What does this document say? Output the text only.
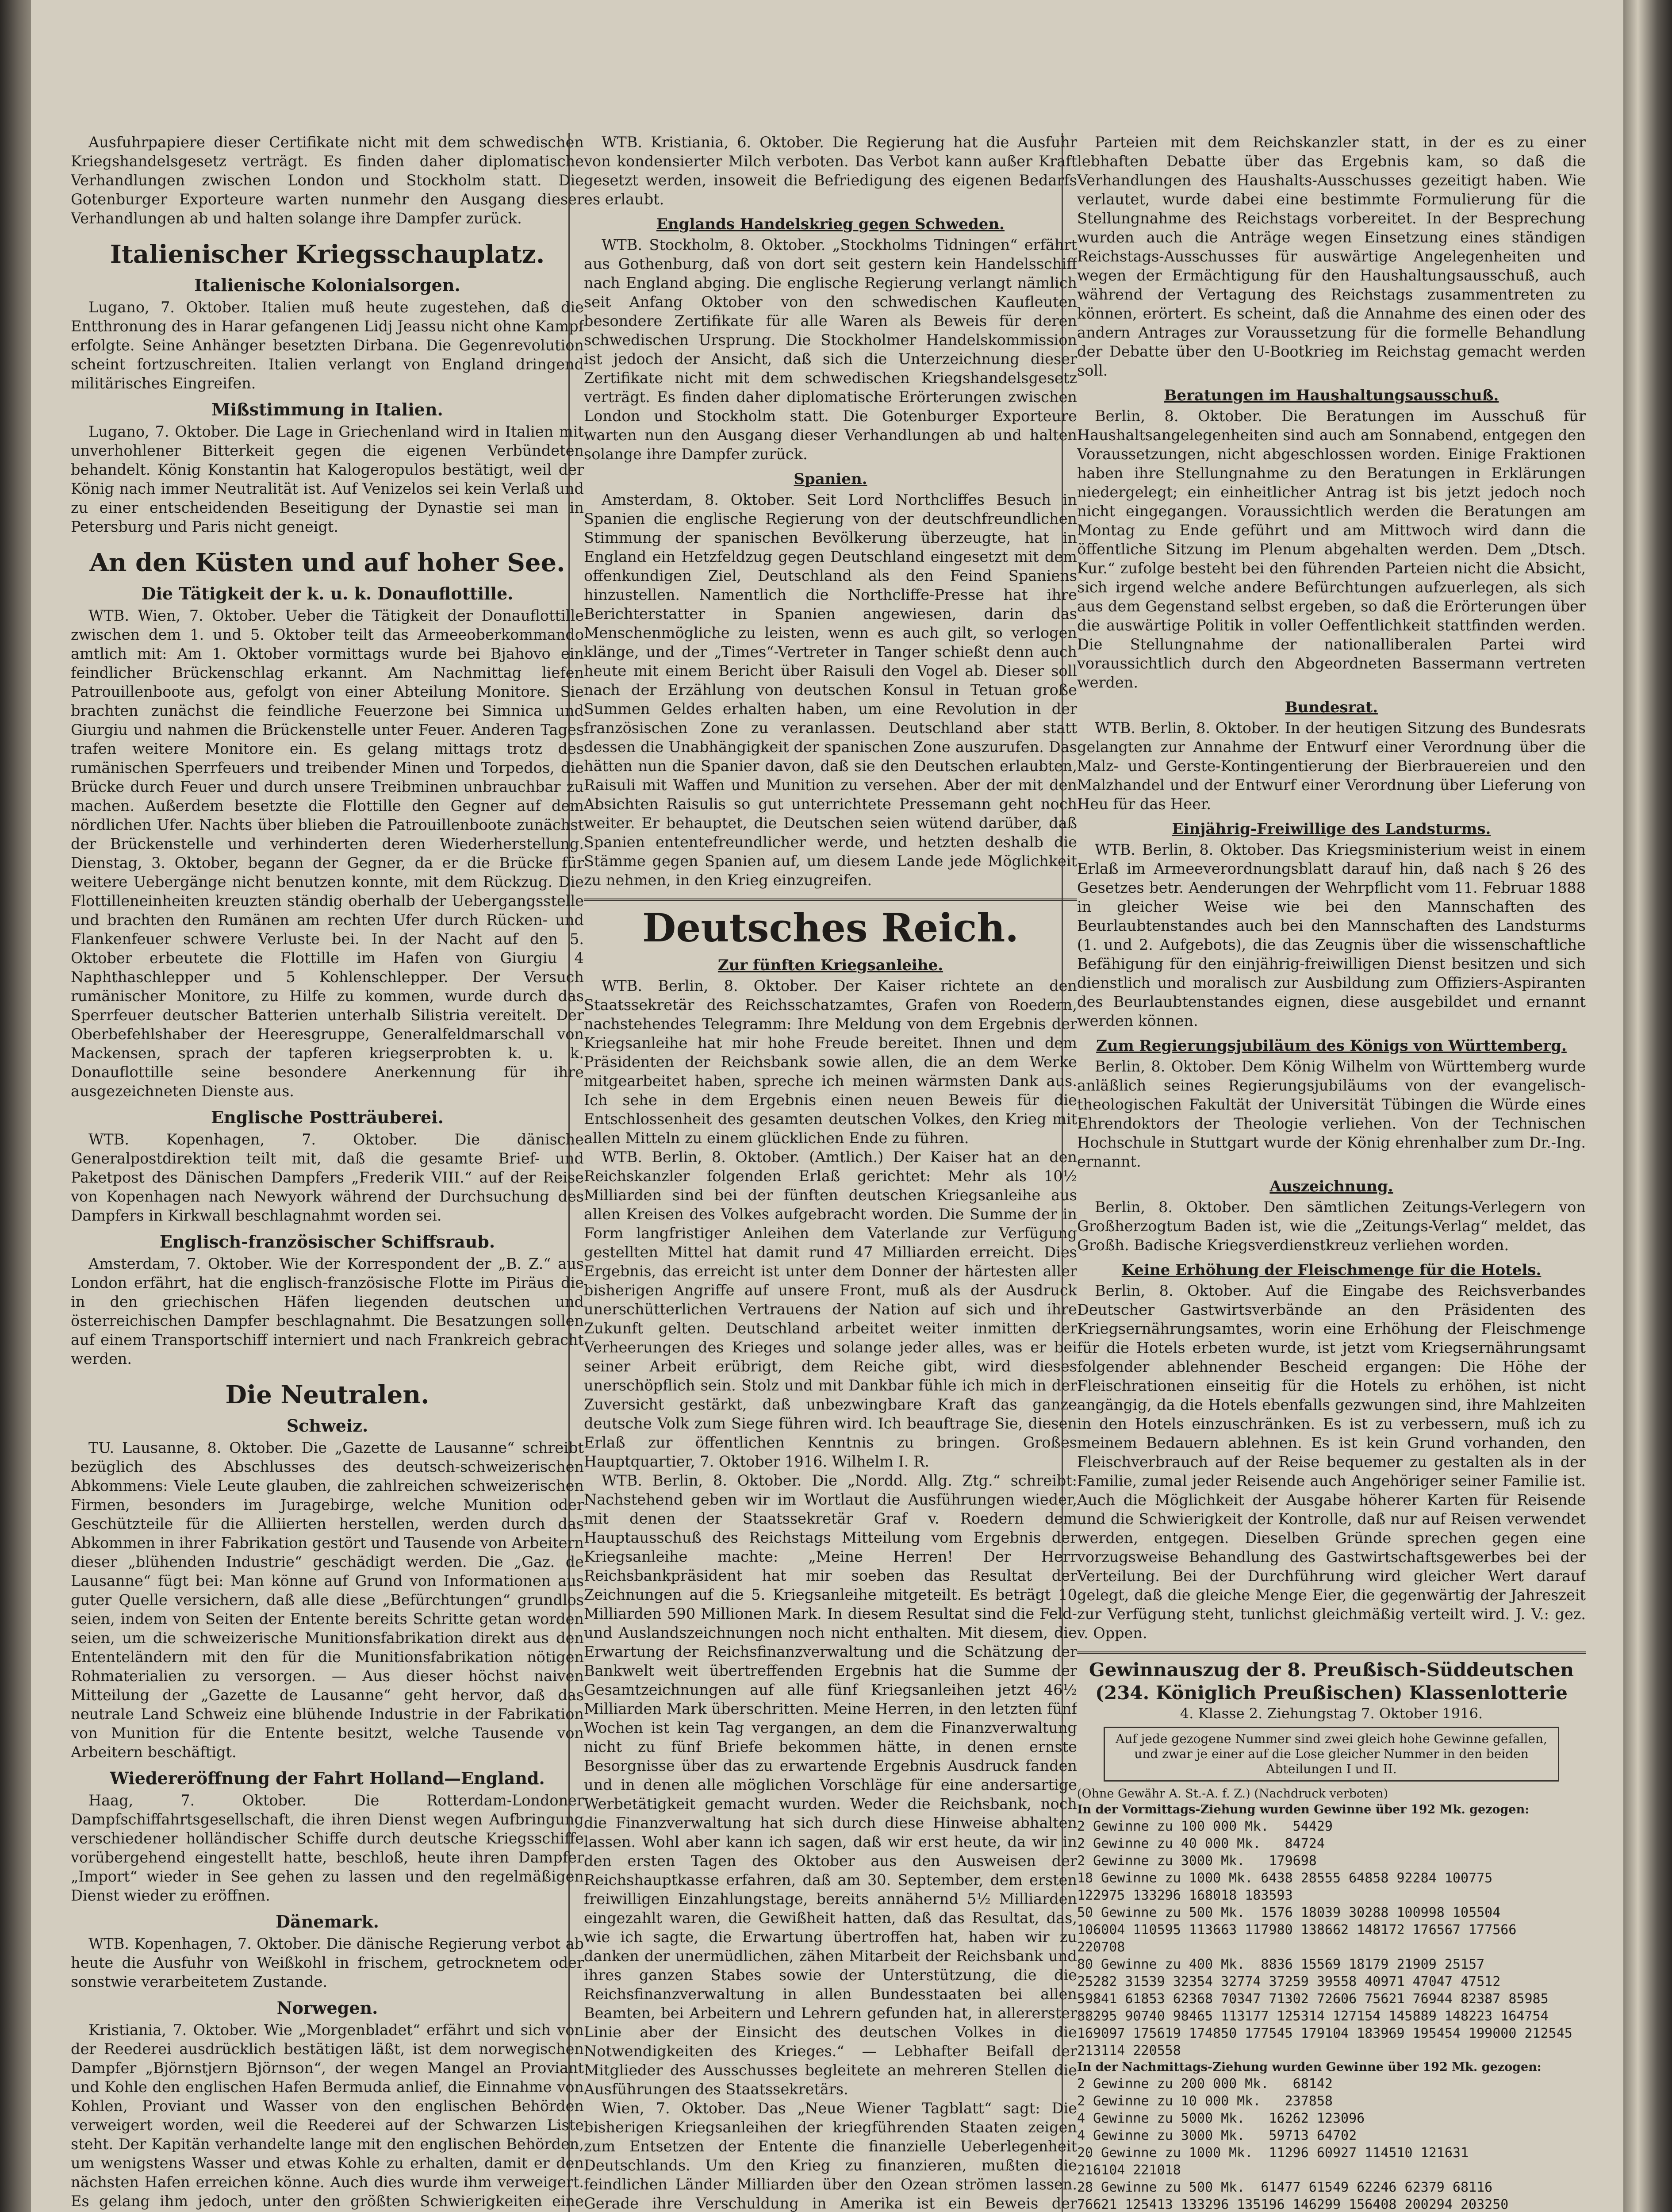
Ausfuhrpapiere dieser Certifikate nicht mit dem schwedischen Kriegshandelsgesetz verträgt. Es finden daher diplomatische Verhandlungen zwischen London und Stockholm statt. Die Gotenburger Exporteure warten nunmehr den Ausgang dieser Verhandlungen ab und halten solange ihre Dampfer zurück.

Italienischer Kriegsschauplatz.
Italienische Kolonialsorgen.

Lugano, 7. Oktober. Italien muß heute zugestehen, daß die Entthronung des in Harar gefangenen Lidj Jeassu nicht ohne Kampf erfolgte. Seine Anhänger besetzten Dirbana. Die Gegenrevolution scheint fortzuschreiten. Italien verlangt von England dringend militärisches Eingreifen.

Mißstimmung in Italien.

Lugano, 7. Oktober. Die Lage in Griechenland wird in Italien mit unverhohlener Bitterkeit gegen die eigenen Verbündeten behandelt. König Konstantin hat Kalogeropulos bestätigt, weil der König nach immer Neutralität ist. Auf Venizelos sei kein Verlaß und zu einer entscheidenden Beseitigung der Dynastie sei man in Petersburg und Paris nicht geneigt.

An den Küsten und auf hoher See.
Die Tätigkeit der k. u. k. Donauflottille.

WTB. Wien, 7. Oktober. Ueber die Tätigkeit der Donauflottille zwischen dem 1. und 5. Oktober teilt das Armeeoberkommando amtlich mit: Am 1. Oktober vormittags wurde bei Bjahovo ein feindlicher Brückenschlag erkannt. Am Nachmittag liefen Patrouillenboote aus, gefolgt von einer Abteilung Monitore. Sie brachten zunächst die feindliche Feuerzone bei Simnica und Giurgiu und nahmen die Brückenstelle unter Feuer. Anderen Tages trafen weitere Monitore ein. Es gelang mittags trotz des rumänischen Sperrfeuers und treibender Minen und Torpedos, die Brücke durch Feuer und durch unsere Treibminen unbrauchbar zu machen. Außerdem besetzte die Flottille den Gegner auf dem nördlichen Ufer. Nachts über blieben die Patrouillenboote zunächst der Brückenstelle und verhinderten deren Wiederherstellung. Dienstag, 3. Oktober, begann der Gegner, da er die Brücke für weitere Uebergänge nicht benutzen konnte, mit dem Rückzug. Die Flottilleneinheiten kreuzten ständig oberhalb der Uebergangsstelle und brachten den Rumänen am rechten Ufer durch Rücken- und Flankenfeuer schwere Verluste bei. In der Nacht auf den 5. Oktober erbeutete die Flottille im Hafen von Giurgiu 4 Naphthaschlepper und 5 Kohlenschlepper. Der Versuch rumänischer Monitore, zu Hilfe zu kommen, wurde durch das Sperrfeuer deutscher Batterien unterhalb Silistria vereitelt. Der Oberbefehlshaber der Heeresgruppe, Generalfeldmarschall von Mackensen, sprach der tapferen kriegserprobten k. u. k. Donauflottille seine besondere Anerkennung für ihre ausgezeichneten Dienste aus.

Englische Postträuberei.

WTB. Kopenhagen, 7. Oktober. Die dänische Generalpostdirektion teilt mit, daß die gesamte Brief- und Paketpost des Dänischen Dampfers „Frederik VIII.“ auf der Reise von Kopenhagen nach Newyork während der Durchsuchung des Dampfers in Kirkwall beschlagnahmt worden sei.

Englisch-französischer Schiffsraub.

Amsterdam, 7. Oktober. Wie der Korrespondent der „B. Z.“ aus London erfährt, hat die englisch-französische Flotte im Piräus die in den griechischen Häfen liegenden deutschen und österreichischen Dampfer beschlagnahmt. Die Besatzungen sollen auf einem Transportschiff interniert und nach Frankreich gebracht werden.

Die Neutralen.
Schweiz.

TU. Lausanne, 8. Oktober. Die „Gazette de Lausanne“ schreibt bezüglich des Abschlusses des deutsch-schweizerischen Abkommens: Viele Leute glauben, die zahlreichen schweizerischen Firmen, besonders im Juragebirge, welche Munition oder Geschützteile für die Alliierten herstellen, werden durch das Abkommen in ihrer Fabrikation gestört und Tausende von Arbeitern dieser „blühenden Industrie“ geschädigt werden. Die „Gaz. de Lausanne“ fügt bei: Man könne auf Grund von Informationen aus guter Quelle versichern, daß alle diese „Befürchtungen“ grundlos seien, indem von Seiten der Entente bereits Schritte getan worden seien, um die schweizerische Munitionsfabrikation direkt aus den Ententeländern mit den für die Munitionsfabrikation nötigen Rohmaterialien zu versorgen. — Aus dieser höchst naiven Mitteilung der „Gazette de Lausanne“ geht hervor, daß das neutrale Land Schweiz eine blühende Industrie in der Fabrikation von Munition für die Entente besitzt, welche Tausende von Arbeitern beschäftigt.

Wiedereröffnung der Fahrt Holland—England.

Haag, 7. Oktober. Die Rotterdam-Londoner Dampfschiffahrtsgesellschaft, die ihren Dienst wegen Aufbringung verschiedener holländischer Schiffe durch deutsche Kriegsschiffe vorübergehend eingestellt hatte, beschloß, heute ihren Dampfer „Import“ wieder in See gehen zu lassen und den regelmäßigen Dienst wieder zu eröffnen.

Dänemark.

WTB. Kopenhagen, 7. Oktober. Die dänische Regierung verbot ab heute die Ausfuhr von Weißkohl in frischem, getrocknetem oder sonstwie verarbeitetem Zustande.

Norwegen.

Kristiania, 7. Oktober. Wie „Morgenbladet“ erfährt und sich von der Reederei ausdrücklich bestätigen läßt, ist dem norwegischen Dampfer „Björnstjern Björnson“, der wegen Mangel an Proviant und Kohle den englischen Hafen Bermuda anlief, die Einnahme von Kohlen, Proviant und Wasser von den englischen Behörden verweigert worden, weil die Reederei auf der Schwarzen Liste steht. Der Kapitän verhandelte lange mit den englischen Behörden, um wenigstens Wasser und etwas Kohle zu erhalten, damit er den nächsten Hafen erreichen könne. Auch dies wurde ihm verweigert. Es gelang ihm jedoch, unter den größten Schwierigkeiten eine

WTB. Kristiania, 6. Oktober. Die Regierung hat die Ausfuhr von kondensierter Milch verboten. Das Verbot kann außer Kraft gesetzt werden, insoweit die Befriedigung des eigenen Bedarfs es erlaubt.

Englands Handelskrieg gegen Schweden.

WTB. Stockholm, 8. Oktober. „Stockholms Tidningen“ erfährt aus Gothenburg, daß von dort seit gestern kein Handelsschiff nach England abging. Die englische Regierung verlangt nämlich seit Anfang Oktober von den schwedischen Kaufleuten besondere Zertifikate für alle Waren als Beweis für deren schwedischen Ursprung. Die Stockholmer Handelskommission ist jedoch der Ansicht, daß sich die Unterzeichnung dieser Zertifikate nicht mit dem schwedischen Kriegshandelsgesetz verträgt. Es finden daher diplomatische Erörterungen zwischen London und Stockholm statt. Die Gotenburger Exporteure warten nun den Ausgang dieser Verhandlungen ab und halten solange ihre Dampfer zurück.

Spanien.

Amsterdam, 8. Oktober. Seit Lord Northcliffes Besuch in Spanien die englische Regierung von der deutschfreundlichen Stimmung der spanischen Bevölkerung überzeugte, hat in England ein Hetzfeldzug gegen Deutschland eingesetzt mit dem offenkundigen Ziel, Deutschland als den Feind Spaniens hinzustellen. Namentlich die Northcliffe-Presse hat ihre Berichterstatter in Spanien angewiesen, darin das Menschenmögliche zu leisten, wenn es auch gilt, so verlogen klänge, und der „Times“-Vertreter in Tanger schießt denn auch heute mit einem Bericht über Raisuli den Vogel ab. Dieser soll nach der Erzählung von deutschen Konsul in Tetuan große Summen Geldes erhalten haben, um eine Revolution in der französischen Zone zu veranlassen. Deutschland aber statt dessen die Unabhängigkeit der spanischen Zone auszurufen. Das hätten nun die Spanier davon, daß sie den Deutschen erlaubten, Raisuli mit Waffen und Munition zu versehen. Aber der mit den Absichten Raisulis so gut unterrichtete Pressemann geht noch weiter. Er behauptet, die Deutschen seien wütend darüber, daß Spanien ententefreundlicher werde, und hetzten deshalb die Stämme gegen Spanien auf, um diesem Lande jede Möglichkeit zu nehmen, in den Krieg einzugreifen.

Deutsches Reich.
Zur fünften Kriegsanleihe.

WTB. Berlin, 8. Oktober. Der Kaiser richtete an den Staatssekretär des Reichsschatzamtes, Grafen von Roedern, nachstehendes Telegramm: Ihre Meldung von dem Ergebnis der Kriegsanleihe hat mir hohe Freude bereitet. Ihnen und dem Präsidenten der Reichsbank sowie allen, die an dem Werke mitgearbeitet haben, spreche ich meinen wärmsten Dank aus. Ich sehe in dem Ergebnis einen neuen Beweis für die Entschlossenheit des gesamten deutschen Volkes, den Krieg mit allen Mitteln zu einem glücklichen Ende zu führen.

WTB. Berlin, 8. Oktober. (Amtlich.) Der Kaiser hat an den Reichskanzler folgenden Erlaß gerichtet: Mehr als 10½ Milliarden sind bei der fünften deutschen Kriegsanleihe aus allen Kreisen des Volkes aufgebracht worden. Die Summe der in Form langfristiger Anleihen dem Vaterlande zur Verfügung gestellten Mittel hat damit rund 47 Milliarden erreicht. Dies Ergebnis, das erreicht ist unter dem Donner der härtesten aller bisherigen Angriffe auf unsere Front, muß als der Ausdruck unerschütterlichen Vertrauens der Nation auf sich und ihre Zukunft gelten. Deutschland arbeitet weiter inmitten der Verheerungen des Krieges und solange jeder alles, was er bei seiner Arbeit erübrigt, dem Reiche gibt, wird dieses unerschöpflich sein. Stolz und mit Dankbar fühle ich mich in der Zuversicht gestärkt, daß unbezwingbare Kraft das ganze deutsche Volk zum Siege führen wird. Ich beauftrage Sie, diesen Erlaß zur öffentlichen Kenntnis zu bringen. Großes Hauptquartier, 7. Oktober 1916. Wilhelm I. R.

WTB. Berlin, 8. Oktober. Die „Nordd. Allg. Ztg.“ schreibt: Nachstehend geben wir im Wortlaut die Ausführungen wieder, mit denen der Staatssekretär Graf v. Roedern dem Hauptausschuß des Reichstags Mitteilung vom Ergebnis der Kriegsanleihe machte: „Meine Herren! Der Herr Reichsbankpräsident hat mir soeben das Resultat der Zeichnungen auf die 5. Kriegsanleihe mitgeteilt. Es beträgt 10 Milliarden 590 Millionen Mark. In diesem Resultat sind die Feld- und Auslandszeichnungen noch nicht enthalten. Mit diesem, die Erwartung der Reichsfinanzverwaltung und die Schätzung der Bankwelt weit übertreffenden Ergebnis hat die Summe der Gesamtzeichnungen auf alle fünf Kriegsanleihen jetzt 46½ Milliarden Mark überschritten. Meine Herren, in den letzten fünf Wochen ist kein Tag vergangen, an dem die Finanzverwaltung nicht zu fünf Briefe bekommen hätte, in denen ernste Besorgnisse über das zu erwartende Ergebnis Ausdruck fanden und in denen alle möglichen Vorschläge für eine andersartige Werbetätigkeit gemacht wurden. Weder die Reichsbank, noch die Finanzverwaltung hat sich durch diese Hinweise abhalten lassen. Wohl aber kann ich sagen, daß wir erst heute, da wir in den ersten Tagen des Oktober aus den Ausweisen der Reichshauptkasse erfahren, daß am 30. September, dem ersten freiwilligen Einzahlungstage, bereits annähernd 5½ Milliarden eingezahlt waren, die Gewißheit hatten, daß das Resultat, das, wie ich sagte, die Erwartung übertroffen hat, haben wir zu danken der unermüdlichen, zähen Mitarbeit der Reichsbank und ihres ganzen Stabes sowie der Unterstützung, die die Reichsfinanzverwaltung in allen Bundesstaaten bei allen Beamten, bei Arbeitern und Lehrern gefunden hat, in allererster Linie aber der Einsicht des deutschen Volkes in die Notwendigkeiten des Krieges.“ — Lebhafter Beifall der Mitglieder des Ausschusses begleitete an mehreren Stellen die Ausführungen des Staatssekretärs.

Wien, 7. Oktober. Das „Neue Wiener Tagblatt“ sagt: Die bisherigen Kriegsanleihen der kriegführenden Staaten zeigen zum Entsetzen der Entente die finanzielle Ueberlegenheit Deutschlands. Um den Krieg zu finanzieren, mußten die feindlichen Länder Milliarden über den Ozean strömen lassen. Gerade ihre Verschuldung in Amerika ist ein Beweis der

Parteien mit dem Reichskanzler statt, in der es zu einer lebhaften Debatte über das Ergebnis kam, so daß die Verhandlungen des Haushalts-Ausschusses gezeitigt haben. Wie verlautet, wurde dabei eine bestimmte Formulierung für die Stellungnahme des Reichstags vorbereitet. In der Besprechung wurden auch die Anträge wegen Einsetzung eines ständigen Reichstags-Ausschusses für auswärtige Angelegenheiten und wegen der Ermächtigung für den Haushaltungsausschuß, auch während der Vertagung des Reichstags zusammentreten zu können, erörtert. Es scheint, daß die Annahme des einen oder des andern Antrages zur Voraussetzung für die formelle Behandlung der Debatte über den U-Bootkrieg im Reichstag gemacht werden soll.

Beratungen im Haushaltungsausschuß.

Berlin, 8. Oktober. Die Beratungen im Ausschuß für Haushaltsangelegenheiten sind auch am Sonnabend, entgegen den Voraussetzungen, nicht abgeschlossen worden. Einige Fraktionen haben ihre Stellungnahme zu den Beratungen in Erklärungen niedergelegt; ein einheitlicher Antrag ist bis jetzt jedoch noch nicht eingegangen. Voraussichtlich werden die Beratungen am Montag zu Ende geführt und am Mittwoch wird dann die öffentliche Sitzung im Plenum abgehalten werden. Dem „Dtsch. Kur.“ zufolge besteht bei den führenden Parteien nicht die Absicht, sich irgend welche andere Befürchtungen aufzuerlegen, als sich aus dem Gegenstand selbst ergeben, so daß die Erörterungen über die auswärtige Politik in voller Oeffentlichkeit stattfinden werden. Die Stellungnahme der nationalliberalen Partei wird voraussichtlich durch den Abgeordneten Bassermann vertreten werden.

Bundesrat.

WTB. Berlin, 8. Oktober. In der heutigen Sitzung des Bundesrats gelangten zur Annahme der Entwurf einer Verordnung über die Malz- und Gerste-Kontingentierung der Bierbrauereien und den Malzhandel und der Entwurf einer Verordnung über Lieferung von Heu für das Heer.

Einjährig-Freiwillige des Landsturms.

WTB. Berlin, 8. Oktober. Das Kriegsministerium weist in einem Erlaß im Armeeverordnungsblatt darauf hin, daß nach § 26 des Gesetzes betr. Aenderungen der Wehrpflicht vom 11. Februar 1888 in gleicher Weise wie bei den Mannschaften des Beurlaubtenstandes auch bei den Mannschaften des Landsturms (1. und 2. Aufgebots), die das Zeugnis über die wissenschaftliche Befähigung für den einjährig-freiwilligen Dienst besitzen und sich dienstlich und moralisch zur Ausbildung zum Offiziers-Aspiranten des Beurlaubtenstandes eignen, diese ausgebildet und ernannt werden können.

Zum Regierungsjubiläum des Königs von Württemberg.

Berlin, 8. Oktober. Dem König Wilhelm von Württemberg wurde anläßlich seines Regierungsjubiläums von der evangelisch-theologischen Fakultät der Universität Tübingen die Würde eines Ehrendoktors der Theologie verliehen. Von der Technischen Hochschule in Stuttgart wurde der König ehrenhalber zum Dr.-Ing. ernannt.

Auszeichnung.

Berlin, 8. Oktober. Den sämtlichen Zeitungs-Verlegern von Großherzogtum Baden ist, wie die „Zeitungs-Verlag“ meldet, das Großh. Badische Kriegsverdienstkreuz verliehen worden.

Keine Erhöhung der Fleischmenge für die Hotels.

Berlin, 8. Oktober. Auf die Eingabe des Reichsverbandes Deutscher Gastwirtsverbände an den Präsidenten des Kriegsernährungsamtes, worin eine Erhöhung der Fleischmenge für die Hotels erbeten wurde, ist jetzt vom Kriegsernährungsamt folgender ablehnender Bescheid ergangen: Die Höhe der Fleischrationen einseitig für die Hotels zu erhöhen, ist nicht angängig, da die Hotels ebenfalls gezwungen sind, ihre Mahlzeiten in den Hotels einzuschränken. Es ist zu verbessern, muß ich zu meinem Bedauern ablehnen. Es ist kein Grund vorhanden, den Fleischverbrauch auf der Reise bequemer zu gestalten als in der Familie, zumal jeder Reisende auch Angehöriger seiner Familie ist. Auch die Möglichkeit der Ausgabe höherer Karten für Reisende und die Schwierigkeit der Kontrolle, daß nur auf Reisen verwendet werden, entgegen. Dieselben Gründe sprechen gegen eine vorzugsweise Behandlung des Gastwirtschaftsgewerbes bei der Verteilung. Bei der Durchführung wird gleicher Wert darauf gelegt, daß die gleiche Menge Eier, die gegenwärtig der Jahreszeit zur Verfügung steht, tunlichst gleichmäßig verteilt wird. J. V.: gez. v. Oppen.

Gewinnauszug der 8. Preußisch-Süddeutschen
(234. Königlich Preußischen) Klassenlotterie
4. Klasse 2. Ziehungstag 7. Oktober 1916.
Auf jede gezogene Nummer sind zwei gleich hohe Gewinne gefallen, und zwar je einer auf die Lose gleicher Nummer in den beiden Abteilungen I und II.
(Ohne Gewähr A. St.-A. f. Z.) (Nachdruck verboten)
In der Vormittags-Ziehung wurden Gewinne über 192 Mk. gezogen:
2 Gewinne zu 100 000 Mk.   54429
2 Gewinne zu 40 000 Mk.   84724
2 Gewinne zu 3000 Mk.   179698
18 Gewinne zu 1000 Mk. 6438 28555 64858 92284 100775
122975 133296 168018 183593
50 Gewinne zu 500 Mk.  1576 18039 30288 100998 105504
106004 110595 113663 117980 138662 148172 176567 177566
220708
80 Gewinne zu 400 Mk.  8836 15569 18179 21909 25157
25282 31539 32354 32774 37259 39558 40971 47047 47512
59841 61853 62368 70347 71302 72606 75621 76944 82387 85985
88295 90740 98465 113177 125314 127154 145889 148223 164754
169097 175619 174850 177545 179104 183969 195454 199000 212545
213114 220558
In der Nachmittags-Ziehung wurden Gewinne über 192 Mk. gezogen:
2 Gewinne zu 200 000 Mk.   68142
2 Gewinne zu 10 000 Mk.   237858
4 Gewinne zu 5000 Mk.   16262 123096
4 Gewinne zu 3000 Mk.   59713 64702
20 Gewinne zu 1000 Mk.  11296 60927 114510 121631
216104 221018
28 Gewinne zu 500 Mk.  61477 61549 62246 62379 68116
76621 125413 133296 135196 146299 156408 200294 203250
